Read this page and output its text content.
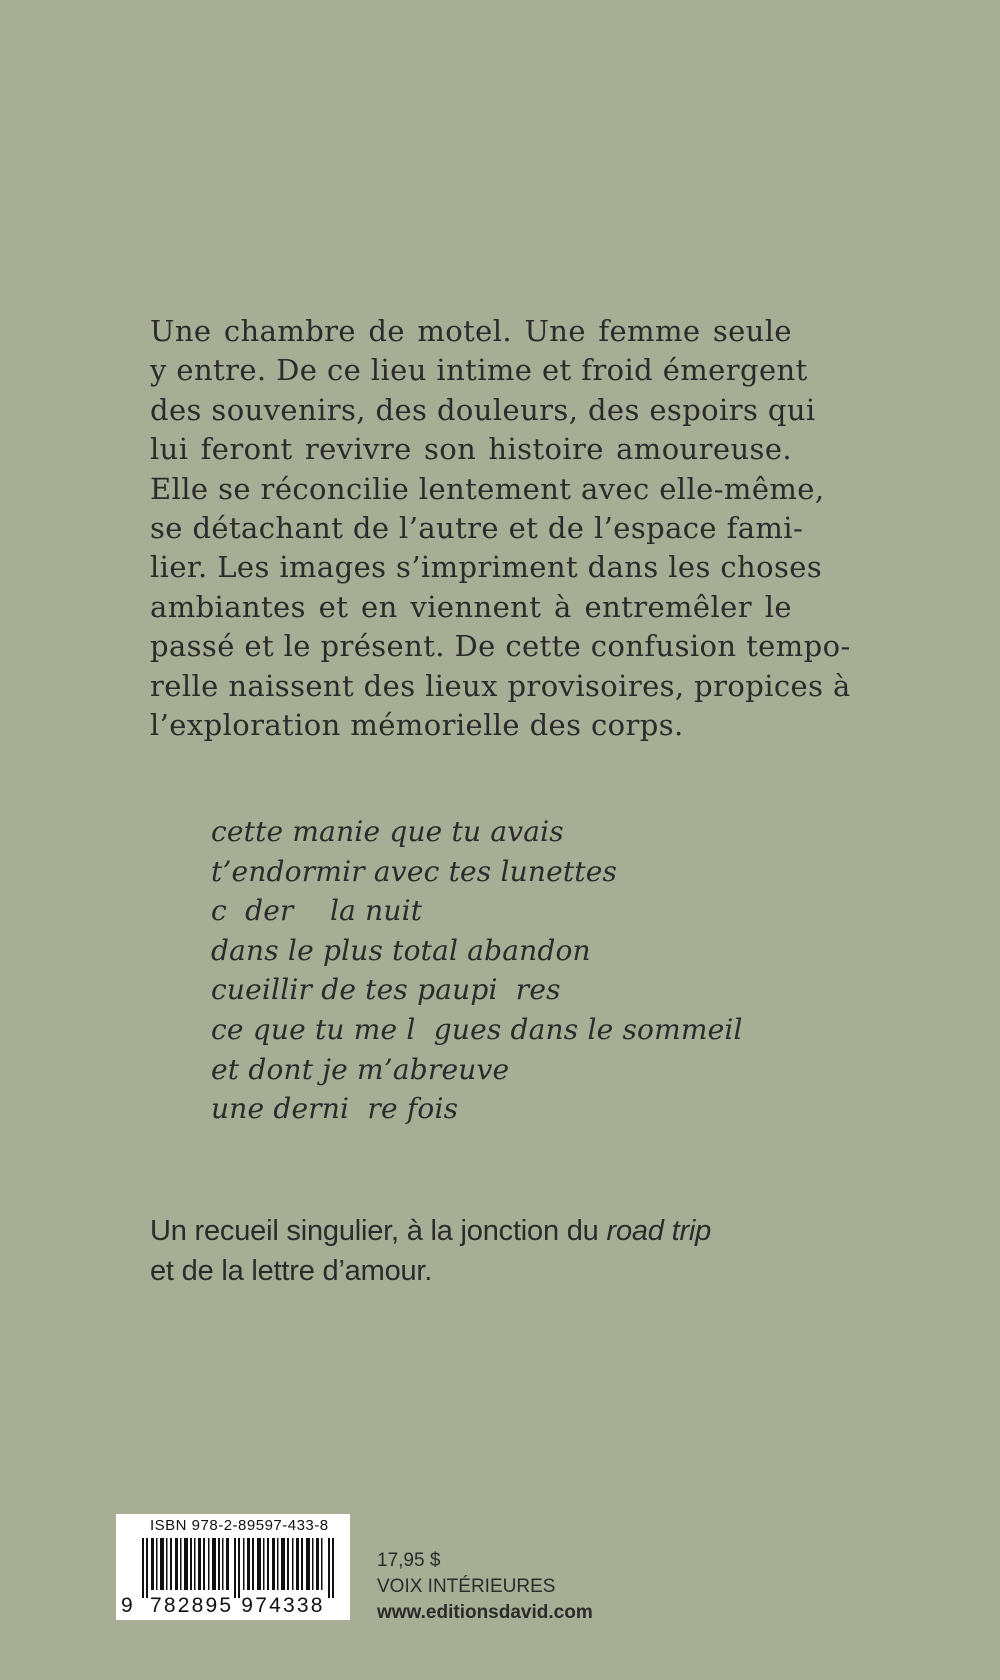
Une chambre de motel. Une femme seule
y entre. De ce lieu intime et froid émergent
des souvenirs, des douleurs, des espoirs qui
lui feront revivre son histoire amoureuse.
Elle se réconcilie lentement avec elle-même,
se détachant de l’autre et de l’espace fami-
lier. Les images s’impriment dans les choses
ambiantes et en viennent à entremêler le
passé et le présent. De cette confusion tempo-
relle naissent des lieux provisoires, propices à
l’exploration mémorielle des corps.
cette manie que tu avais
t’endormir avec tes lunettes
c  der    la nuit
dans le plus total abandon
cueillir de tes paupi  res
ce que tu me l  gues dans le sommeil
et dont je m’abreuve
une derni  re fois
Un recueil singulier, à la jonction du road trip
et de la lettre d’amour.
ISBN 978-2-89597-433-8
9 782895 974338
17,95 $
VOIX INTÉRIEURES
www.editionsdavid.com
